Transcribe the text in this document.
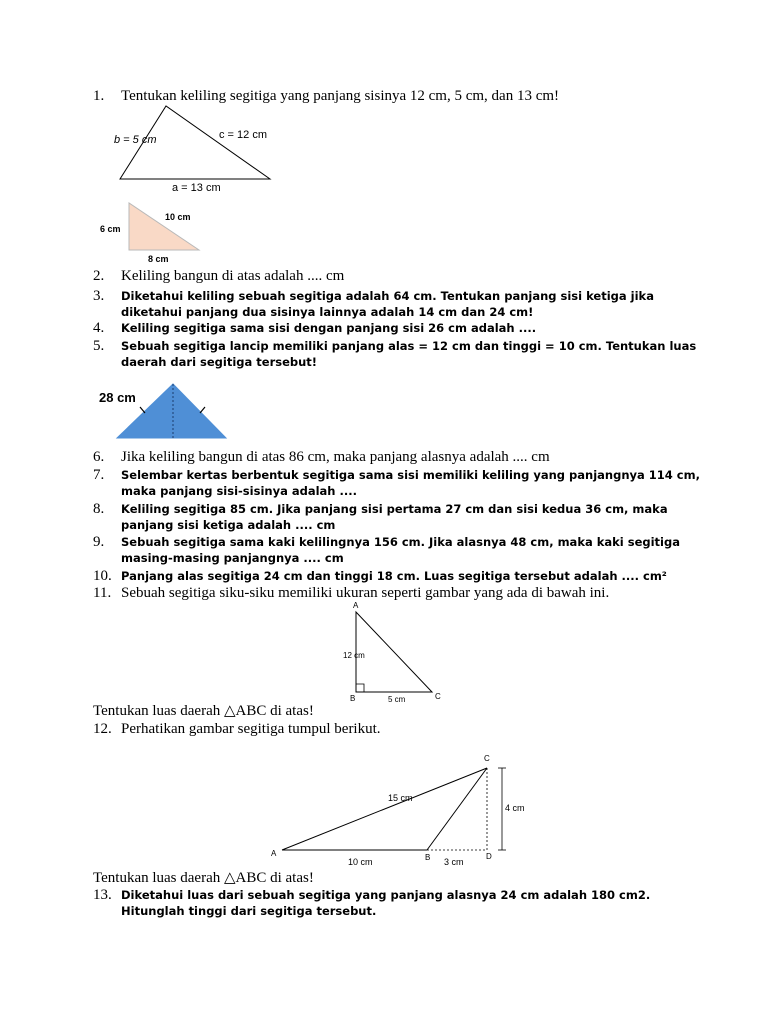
1.	Tentukan keliling segitiga yang panjang sisinya 12 cm, 5 cm, dan 13 cm!
b = 5 cm	c = 12 cm
a = 13 cm
6 cm
10 cm
8 cm
2.	Keliling bangun di atas adalah .... cm
3.	Diketahui keliling sebuah segitiga adalah 64 cm. Tentukan panjang sisi ketiga jika diketahui panjang dua sisinya lainnya adalah 14 cm dan 24 cm!
4.	Keliling segitiga sama sisi dengan panjang sisi 26 cm adalah ....
5.	Sebuah segitiga lancip memiliki panjang alas = 12 cm dan tinggi = 10 cm. Tentukan luas daerah dari segitiga tersebut!
28 cm
6.	Jika keliling bangun di atas 86 cm, maka panjang alasnya adalah .... cm
7.	Selembar kertas berbentuk segitiga sama sisi memiliki keliling yang panjangnya 114 cm, maka panjang sisi-sisinya adalah ....
8.	Keliling segitiga 85 cm. Jika panjang sisi pertama 27 cm dan sisi kedua 36 cm, maka panjang sisi ketiga adalah .... cm
9.	Sebuah segitiga sama kaki kelilingnya 156 cm. Jika alasnya 48 cm, maka kaki segitiga masing-masing panjangnya .... cm
10. Panjang alas segitiga 24 cm dan tinggi 18 cm. Luas segitiga tersebut adalah .... cm²
11. Sebuah segitiga siku-siku memiliki ukuran seperti gambar yang ada di bawah ini.
A
B	C
12 cm
5 cm
Tentukan luas daerah △ABC di atas!
12. Perhatikan gambar segitiga tumpul berikut.
A	B
C
D
15 cm
10 cm	3 cm
4 cm
Tentukan luas daerah △ABC di atas!
13. Diketahui luas dari sebuah segitiga yang panjang alasnya 24 cm adalah 180 cm2. Hitunglah tinggi dari segitiga tersebut.
